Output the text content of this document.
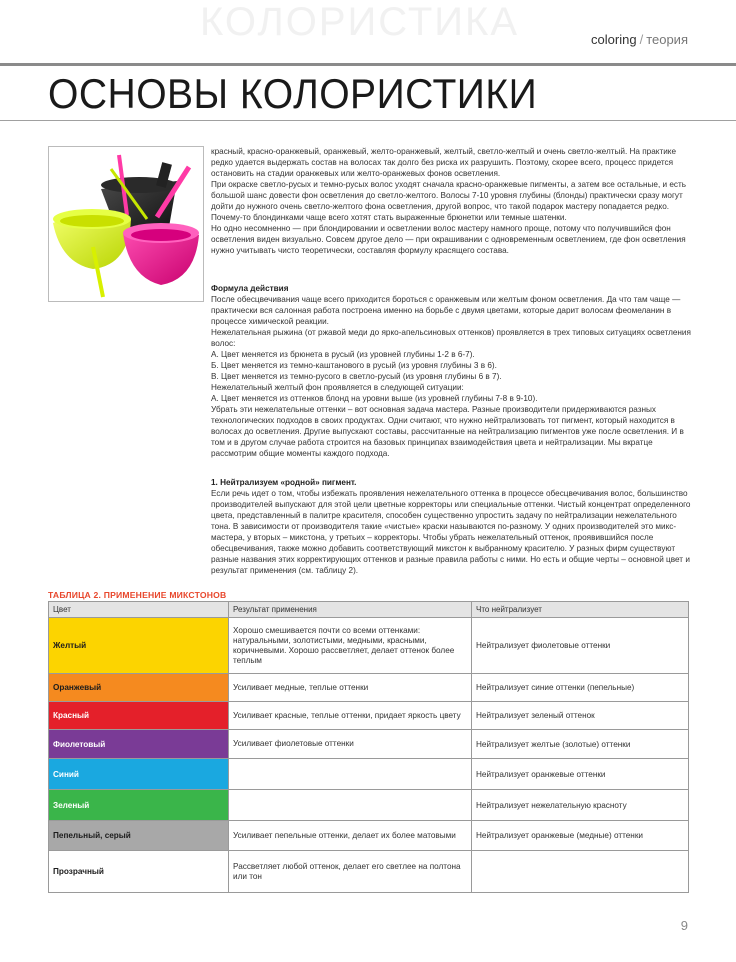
КОЛОРИСТИКА	coloring / теория
ОСНОВЫ КОЛОРИСТИКИ

красный, красно-оранжевый, оранжевый, желто-оранжевый, желтый, светло-желтый и очень светло-желтый. На практике редко удается выдержать состав на волосах так долго без риска их разрушить. Поэтому, скорее всего, процесс придется остановить на стадии оранжевых или желто-оранжевых фонов осветления.

При окраске светло-русых и темно-русых волос уходят сначала красно-оранжевые пигменты, а затем все остальные, и есть большой шанс довести фон осветления до светло-желтого. Волосы 7-10 уровня глубины (блонды) практически сразу могут дойти до нужного очень светло-желтого фона осветления, другой вопрос, что такой подарок мастеру попадается редко. Почему-то блондинками чаще всего хотят стать выраженные брюнетки или темные шатенки.

Но одно несомненно — при блондировании и осветлении волос мастеру намного проще, потому что получившийся фон осветления виден визуально. Совсем другое дело — при окрашивании с одновременным осветлением, где фон осветления нужно учитывать чисто теоретически, составляя формулу красящего состава.

Формула действия

После обесцвечивания чаще всего приходится бороться с оранжевым или желтым фоном осветления. Да что там чаще — практически вся салонная работа построена именно на борьбе с двумя цветами, которые дарит волосам феомеланин в процессе химической реакции.

Нежелательная рыжина (от ржавой меди до ярко-апельсиновых оттенков) проявляется в трех типовых ситуациях осветления волос:

А. Цвет меняется из брюнета в русый (из уровней глубины 1-2 в 6-7).

Б. Цвет меняется из темно-каштанового в русый (из уровня глубины 3 в 6).

В. Цвет меняется из темно-русого в светло-русый (из уровня глубины 6 в 7).

Нежелательный желтый фон проявляется в следующей ситуации:

А. Цвет меняется из оттенков блонд на уровни выше (из уровней глубины 7-8 в 9-10).

Убрать эти нежелательные оттенки – вот основная задача мастера. Разные производители придерживаются разных технологических подходов в своих продуктах. Одни считают, что нужно нейтрализовать тот пигмент, который находится в волосах до осветления. Другие выпускают составы, рассчитанные на нейтрализацию пигментов уже после осветления. И в том и в другом случае работа строится на базовых принципах взаимодействия цвета и нейтрализации. Мы вкратце рассмотрим общие моменты каждого подхода.

1. Нейтрализуем «родной» пигмент.

Если речь идет о том, чтобы избежать проявления нежелательного оттенка в процессе обесцвечивания волос, большинство производителей выпускают для этой цели цветные корректоры или специальные оттенки. Чистый концентрат определенного цвета, представленный в палитре красителя, способен существенно упростить задачу по нейтрализации нежелательного тона. В зависимости от производителя такие «чистые» краски называются по-разному. У одних производителей это микс-мастера, у вторых – микстона, у третьих – корректоры. Чтобы убрать нежелательный оттенок, проявившийся после обесцвечивания, также можно добавить соответствующий микстон к выбранному красителю. У разных фирм существуют разные названия этих корректирующих оттенков и разные правила работы с ними. Но есть и общие черты – основной цвет и результат применения (см. таблицу 2).

ТАБЛИЦА 2. ПРИМЕНЕНИЕ МИКСТОНОВ
Цвет	Результат применения	Что нейтрализует
Желтый	Хорошо смешивается почти со всеми оттенками: натуральными, золотистыми, медными, красными, коричневыми. Хорошо рассветляет, делает оттенок более теплым	Нейтрализует фиолетовые оттенки
Оранжевый	Усиливает медные, теплые оттенки	Нейтрализует синие оттенки (пепельные)
Красный	Усиливает красные, теплые оттенки, придает яркость цвету	Нейтрализует зеленый оттенок
Фиолетовый	Усиливает фиолетовые оттенки	Нейтрализует желтые (золотые) оттенки
Синий		Нейтрализует оранжевые оттенки
Зеленый		Нейтрализует нежелательную красноту
Пепельный, серый	Усиливает пепельные оттенки, делает их более матовыми	Нейтрализует оранжевые (медные) оттенки
Прозрачный	Рассветляет любой оттенок, делает его светлее на полтона или тон	
9
